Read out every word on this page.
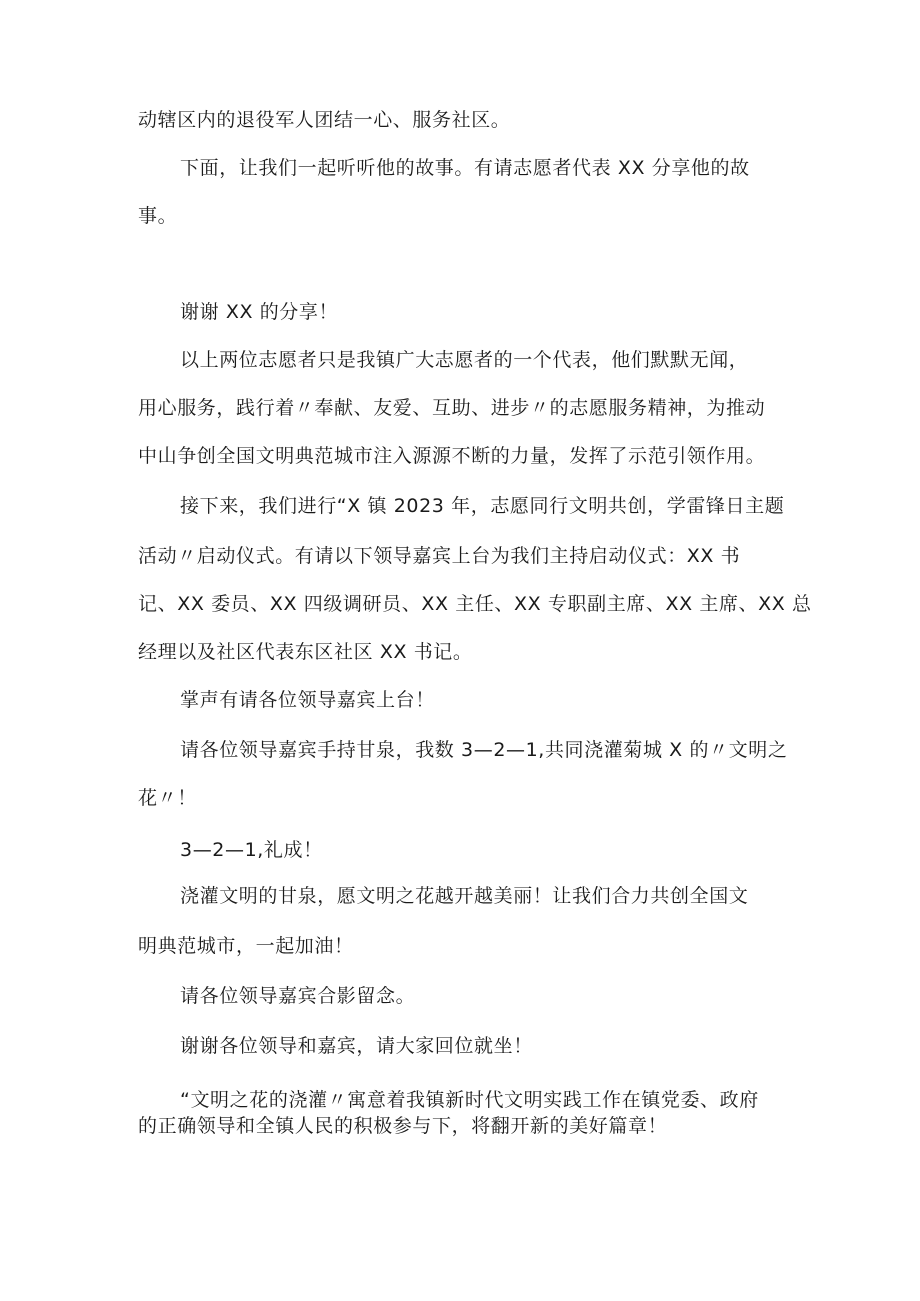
动辖区内的退役军人团结一心、服务社区。
下面，让我们一起听听他的故事。有请志愿者代表 XX 分享他的故
事。
谢谢 XX 的分享！
以上两位志愿者只是我镇广大志愿者的一个代表，他们默默无闻，
用心服务，践行着〃奉献、友爱、互助、进步〃的志愿服务精神，为推动
中山争创全国文明典范城市注入源源不断的力量，发挥了示范引领作用。
接下来，我们进行“X 镇 2023 年，志愿同行文明共创，学雷锋日主题
活动〃启动仪式。有请以下领导嘉宾上台为我们主持启动仪式：XX 书
记、XX 委员、XX 四级调研员、XX 主任、XX 专职副主席、XX 主席、XX 总
经理以及社区代表东区社区 XX 书记。
掌声有请各位领导嘉宾上台！
请各位领导嘉宾手持甘泉，我数 3—2—1,共同浇灌菊城 X 的〃文明之
花〃！
3—2—1,礼成！
浇灌文明的甘泉，愿文明之花越开越美丽！让我们合力共创全国文
明典范城市，一起加油！
请各位领导嘉宾合影留念。
谢谢各位领导和嘉宾，请大家回位就坐！
“文明之花的浇灌〃寓意着我镇新时代文明实践工作在镇党委、政府
的正确领导和全镇人民的积极参与下，将翻开新的美好篇章！
